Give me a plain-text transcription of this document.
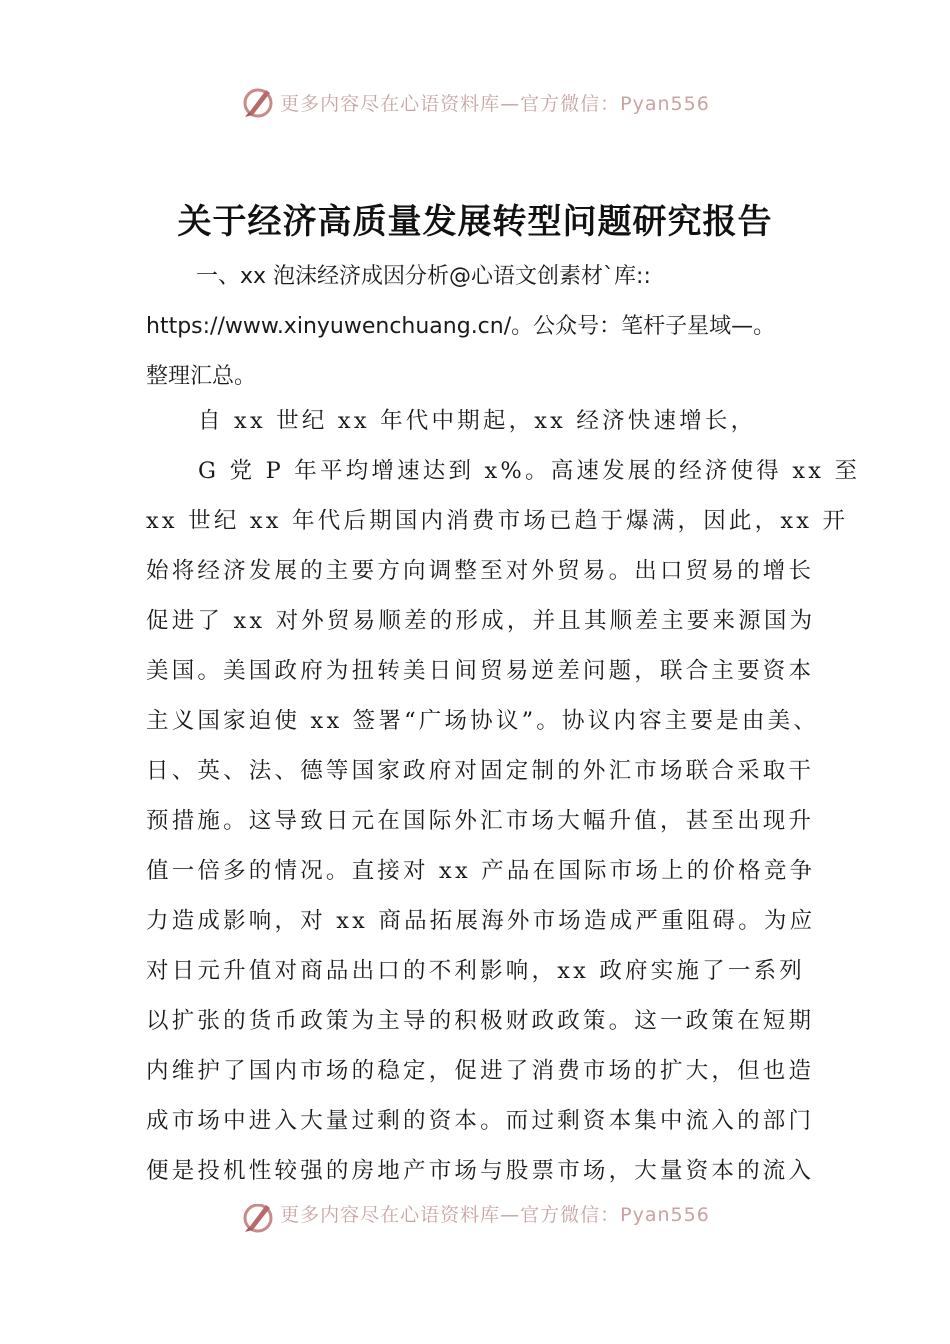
更多内容尽在心语资料库—官方微信：Pyan556
关于经济高质量发展转型问题研究报告
一、xx 泡沫经济成因分析@心语文创素材`库::
https://www.xinyuwenchuang.cn/。公众号：笔杆子星域—。
整理汇总。
自 xx 世纪 xx 年代中期起，xx 经济快速增长，
G 党 P 年平均增速达到 x%。高速发展的经济使得 xx 至
xx 世纪 xx 年代后期国内消费市场已趋于爆满，因此，xx 开
始将经济发展的主要方向调整至对外贸易。出口贸易的增长
促进了 xx 对外贸易顺差的形成，并且其顺差主要来源国为
美国。美国政府为扭转美日间贸易逆差问题，联合主要资本
主义国家迫使 xx 签署“广场协议”。协议内容主要是由美、
日、英、法、德等国家政府对固定制的外汇市场联合采取干
预措施。这导致日元在国际外汇市场大幅升值，甚至出现升
值一倍多的情况。直接对 xx 产品在国际市场上的价格竞争
力造成影响，对 xx 商品拓展海外市场造成严重阻碍。为应
对日元升值对商品出口的不利影响，xx 政府实施了一系列
以扩张的货币政策为主导的积极财政政策。这一政策在短期
内维护了国内市场的稳定，促进了消费市场的扩大，但也造
成市场中进入大量过剩的资本。而过剩资本集中流入的部门
便是投机性较强的房地产市场与股票市场，大量资本的流入
更多内容尽在心语资料库—官方微信：Pyan556
